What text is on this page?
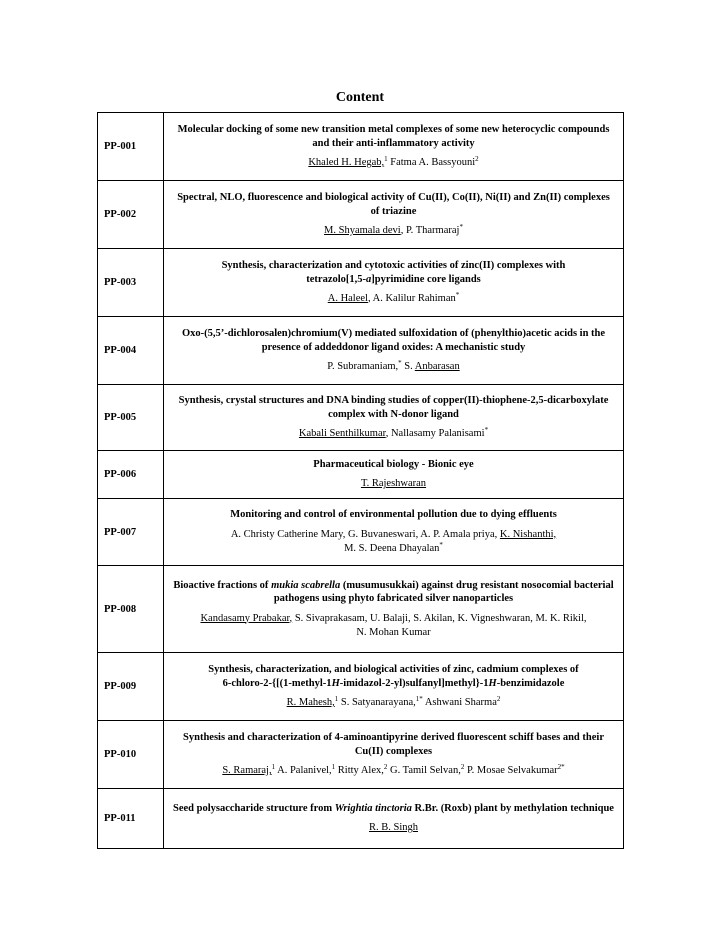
Content
PP-001	Molecular docking of some new transition metal complexes of some new heterocyclic compounds and their anti-inflammatory activity
Khaled H. Hegab,$^1$ Fatma A. Bassyouni$^2$

PP-002	Spectral, NLO, fluorescence and biological activity of Cu(II), Co(II), Ni(II) and Zn(II) complexes of triazine
M. Shyamala devi, P. Tharmaraj*

PP-003	Synthesis, characterization and cytotoxic activities of zinc(II) complexes with
tetrazolo[1,5-a]pyrimidine core ligands
A. Haleel, A. Kalilur Rahiman*

PP-004	Oxo-(5,5’-dichlorosalen)chromium(V) mediated sulfoxidation of (phenylthio)acetic acids in the presence of addeddonor ligand oxides: A mechanistic study
P. Subramaniam,* S. Anbarasan

PP-005	Synthesis, crystal structures and DNA binding studies of copper(II)-thiophene-2,5-dicarboxylate complex with N-donor ligand
Kabali Senthilkumar, Nallasamy Palanisami*

PP-006	Pharmaceutical biology - Bionic eye
T. Rajeshwaran

PP-007	Monitoring and control of environmental pollution due to dying effluents
A. Christy Catherine Mary, G. Buvaneswari, A. P. Amala priya, K. Nishanthi,
M. S. Deena Dhayalan*

PP-008	Bioactive fractions of mukia scabrella (musumusukkai) against drug resistant nosocomial bacterial pathogens using phyto fabricated silver nanoparticles
Kandasamy Prabakar, S. Sivaprakasam, U. Balaji, S. Akilan, K. Vigneshwaran, M. K. Rikil,
N. Mohan Kumar

PP-009	Synthesis, characterization, and biological activities of zinc, cadmium complexes of
6-chloro-2-{[(1-methyl-1H-imidazol-2-yl)sulfanyl]methyl}-1H-benzimidazole
R. Mahesh,$^1$ S. Satyanarayana,$^{1*}$ Ashwani Sharma$^2$

PP-010	Synthesis and characterization of 4-aminoantipyrine derived fluorescent schiff bases and their Cu(II) complexes
S. Ramaraj,$^1$ A. Palanivel,$^1$ Ritty Alex,$^2$ G. Tamil Selvan,$^2$ P. Mosae Selvakumar$^{2*}$

PP-011	Seed polysaccharide structure from Wrightia tinctoria R.Br. (Roxb) plant by methylation technique
R. B. Singh
